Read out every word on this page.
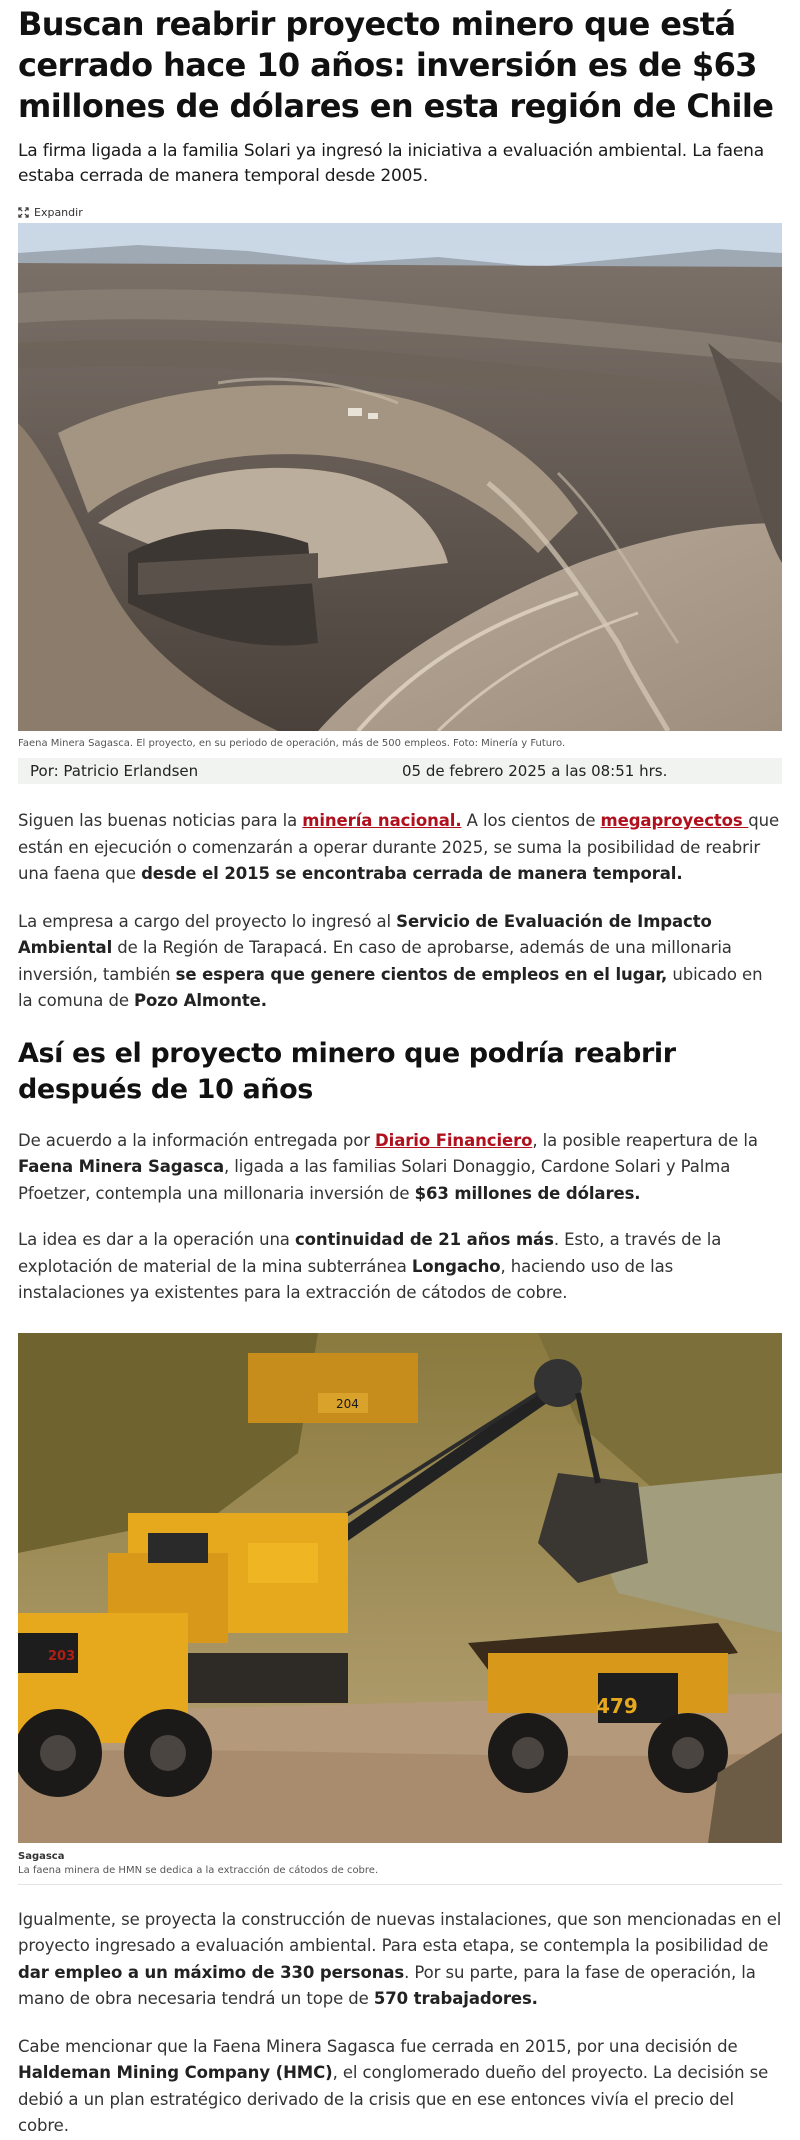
Buscan reabrir proyecto minero que está cerrado hace 10 años: inversión es de $63 millones de dólares en esta región de Chile

La firma ligada a la familia Solari ya ingresó la iniciativa a evaluación ambiental. La faena estaba cerrada de manera temporal desde 2005.

Expandir

Faena Minera Sagasca. El proyecto, en su periodo de operación, más de 500 empleos. Foto: Minería y Futuro.

Por: Patricio Erlandsen	05 de febrero 2025 a las 08:51 hrs.

Siguen las buenas noticias para la minería nacional. A los cientos de megaproyectos que están en ejecución o comenzarán a operar durante 2025, se suma la posibilidad de reabrir una faena que desde el 2015 se encontraba cerrada de manera temporal.

La empresa a cargo del proyecto lo ingresó al Servicio de Evaluación de Impacto Ambiental de la Región de Tarapacá. En caso de aprobarse, además de una millonaria inversión, también se espera que genere cientos de empleos en el lugar, ubicado en la comuna de Pozo Almonte.

Así es el proyecto minero que podría reabrir después de 10 años

De acuerdo a la información entregada por Diario Financiero, la posible reapertura de la Faena Minera Sagasca, ligada a las familias Solari Donaggio, Cardone Solari y Palma Pfoetzer, contempla una millonaria inversión de $63 millones de dólares.

La idea es dar a la operación una continuidad de 21 años más. Esto, a través de la explotación de material de la mina subterránea Longacho, haciendo uso de las instalaciones ya existentes para la extracción de cátodos de cobre.

204
203
479

Sagasca

La faena minera de HMN se dedica a la extracción de cátodos de cobre.

Igualmente, se proyecta la construcción de nuevas instalaciones, que son mencionadas en el proyecto ingresado a evaluación ambiental. Para esta etapa, se contempla la posibilidad de dar empleo a un máximo de 330 personas. Por su parte, para la fase de operación, la mano de obra necesaria tendrá un tope de 570 trabajadores.

Cabe mencionar que la Faena Minera Sagasca fue cerrada en 2015, por una decisión de Haldeman Mining Company (HMC), el conglomerado dueño del proyecto. La decisión se debió a un plan estratégico derivado de la crisis que en ese entonces vivía el precio del cobre.
